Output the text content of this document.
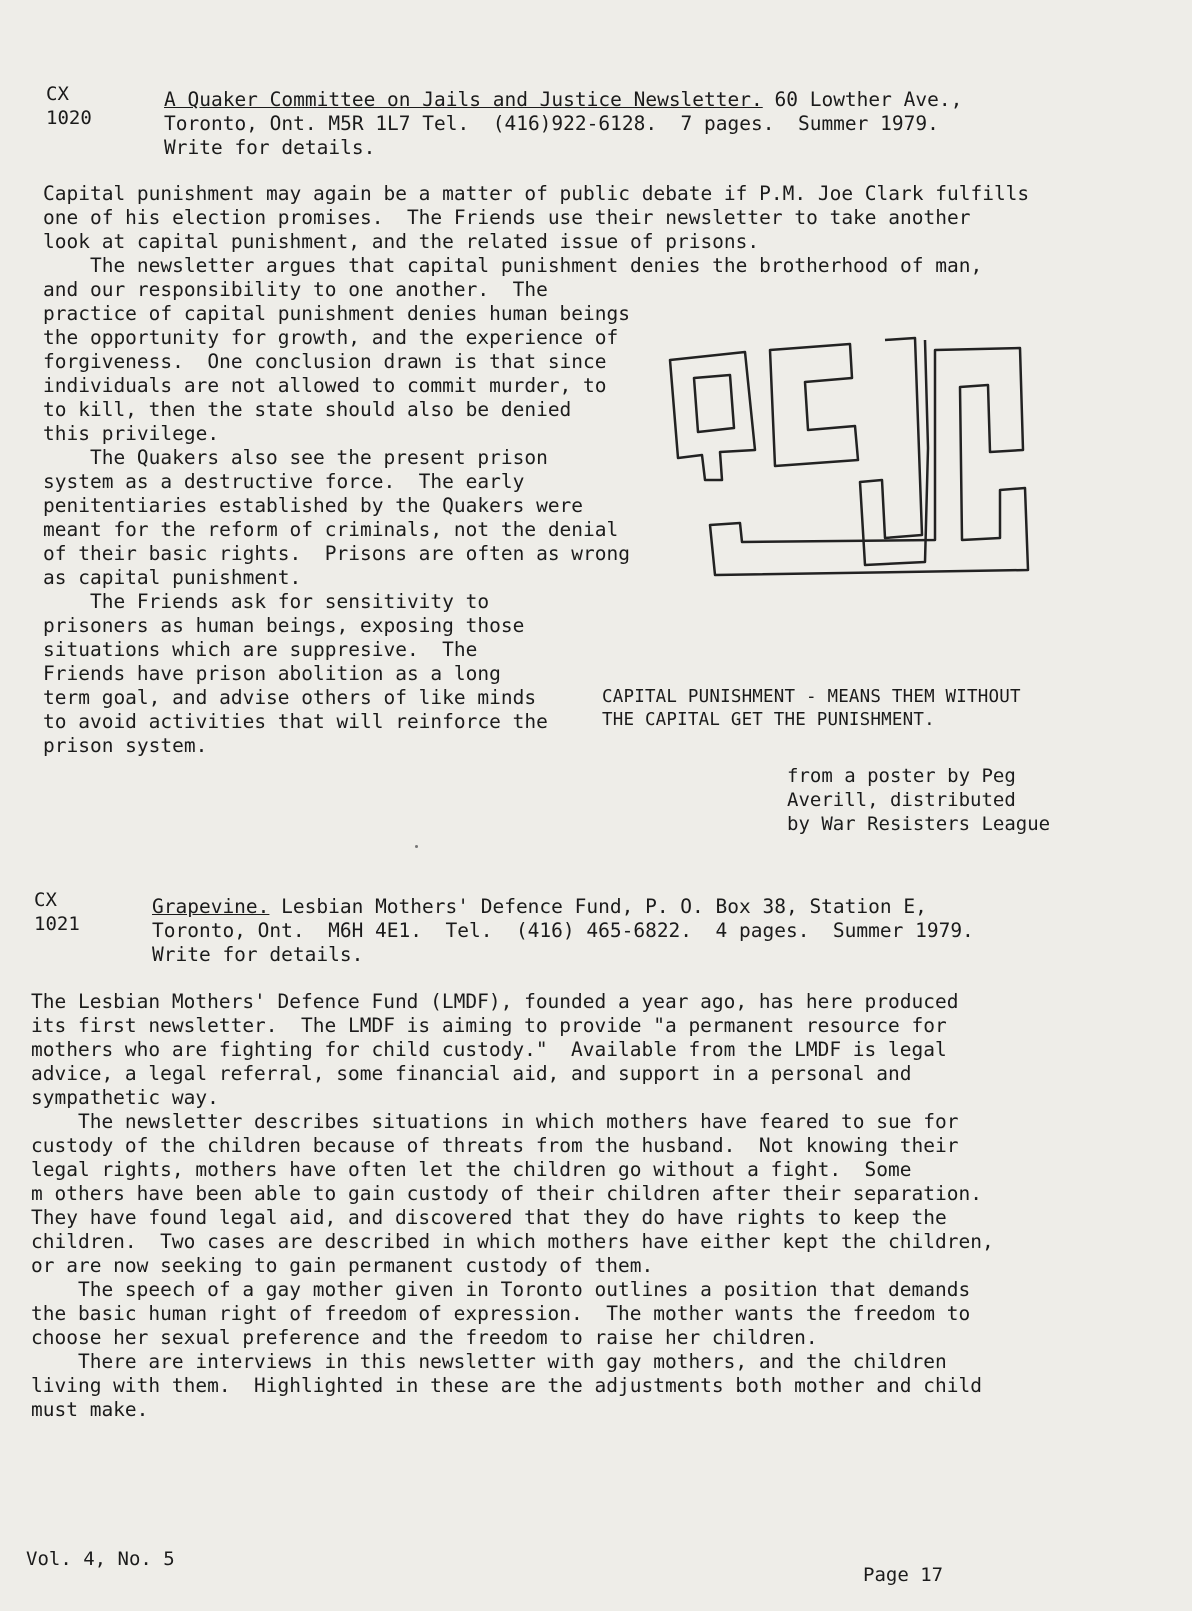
CX
1020
A Quaker Committee on Jails and Justice Newsletter. 60 Lowther Ave.,
Toronto, Ont. M5R 1L7 Tel.  (416)922-6128.  7 pages.  Summer 1979.
Write for details.
Capital punishment may again be a matter of public debate if P.M. Joe Clark fulfills
one of his election promises.  The Friends use their newsletter to take another
look at capital punishment, and the related issue of prisons.
The newsletter argues that capital punishment denies the brotherhood of man,
and our responsibility to one another.  The
practice of capital punishment denies human beings
the opportunity for growth, and the experience of
forgiveness.  One conclusion drawn is that since
individuals are not allowed to commit murder, to
to kill, then the state should also be denied
this privilege.
The Quakers also see the present prison
system as a destructive force.  The early
penitentiaries established by the Quakers were
meant for the reform of criminals, not the denial
of their basic rights.  Prisons are often as wrong
as capital punishment.
The Friends ask for sensitivity to
prisoners as human beings, exposing those
situations which are suppresive.  The
Friends have prison abolition as a long
term goal, and advise others of like minds
to avoid activities that will reinforce the
prison system.
QCJJ
CAPITAL PUNISHMENT - MEANS THEM WITHOUT
THE CAPITAL GET THE PUNISHMENT.
from a poster by Peg
Averill, distributed
by War Resisters League
CX
1021
Grapevine. Lesbian Mothers' Defence Fund, P. O. Box 38, Station E,
Toronto, Ont.  M6H 4E1.  Tel.  (416) 465-6822.  4 pages.  Summer 1979.
Write for details.
The Lesbian Mothers' Defence Fund (LMDF), founded a year ago, has here produced
its first newsletter.  The LMDF is aiming to provide "a permanent resource for
mothers who are fighting for child custody."  Available from the LMDF is legal
advice, a legal referral, some financial aid, and support in a personal and
sympathetic way.
The newsletter describes situations in which mothers have feared to sue for
custody of the children because of threats from the husband.  Not knowing their
legal rights, mothers have often let the children go without a fight.  Some
m others have been able to gain custody of their children after their separation.
They have found legal aid, and discovered that they do have rights to keep the
children.  Two cases are described in which mothers have either kept the children,
or are now seeking to gain permanent custody of them.
The speech of a gay mother given in Toronto outlines a position that demands
the basic human right of freedom of expression.  The mother wants the freedom to
choose her sexual preference and the freedom to raise her children.
There are interviews in this newsletter with gay mothers, and the children
living with them.  Highlighted in these are the adjustments both mother and child
must make.
Vol. 4, No. 5
Page 17
